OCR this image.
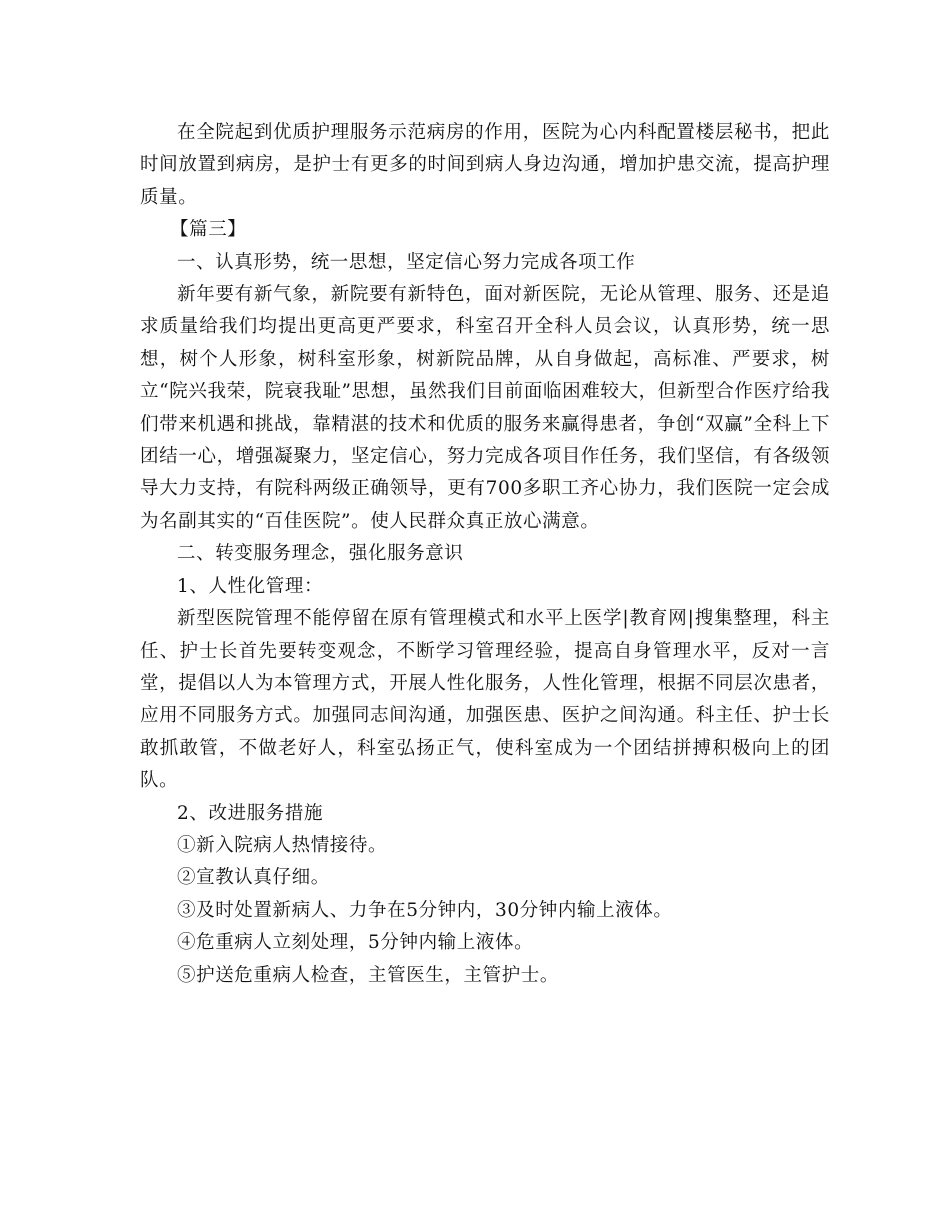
在全院起到优质护理服务示范病房的作用，医院为心内科配置楼层秘书，把此时间放置到病房，是护士有更多的时间到病人身边沟通，增加护患交流，提高护理质量。

【篇三】

一、认真形势，统一思想，坚定信心努力完成各项工作

新年要有新气象，新院要有新特色，面对新医院，无论从管理、服务、还是追求质量给我们均提出更高更严要求，科室召开全科人员会议，认真形势，统一思想，树个人形象，树科室形象，树新院品牌，从自身做起，高标准、严要求，树立“院兴我荣，院衰我耻”思想，虽然我们目前面临困难较大，但新型合作医疗给我们带来机遇和挑战，靠精湛的技术和优质的服务来赢得患者，争创“双赢”全科上下团结一心，增强凝聚力，坚定信心，努力完成各项目作任务，我们坚信，有各级领导大力支持，有院科两级正确领导，更有700多职工齐心协力，我们医院一定会成为名副其实的“百佳医院”。使人民群众真正放心满意。

二、转变服务理念，强化服务意识

1、人性化管理：

新型医院管理不能停留在原有管理模式和水平上医学|教育网|搜集整理，科主任、护士长首先要转变观念，不断学习管理经验，提高自身管理水平，反对一言堂，提倡以人为本管理方式，开展人性化服务，人性化管理，根据不同层次患者，应用不同服务方式。加强同志间沟通，加强医患、医护之间沟通。科主任、护士长敢抓敢管，不做老好人，科室弘扬正气，使科室成为一个团结拼搏积极向上的团队。

2、改进服务措施

①新入院病人热情接待。

②宣教认真仔细。

③及时处置新病人、力争在5分钟内，30分钟内输上液体。

④危重病人立刻处理，5分钟内输上液体。

⑤护送危重病人检查，主管医生，主管护士。
